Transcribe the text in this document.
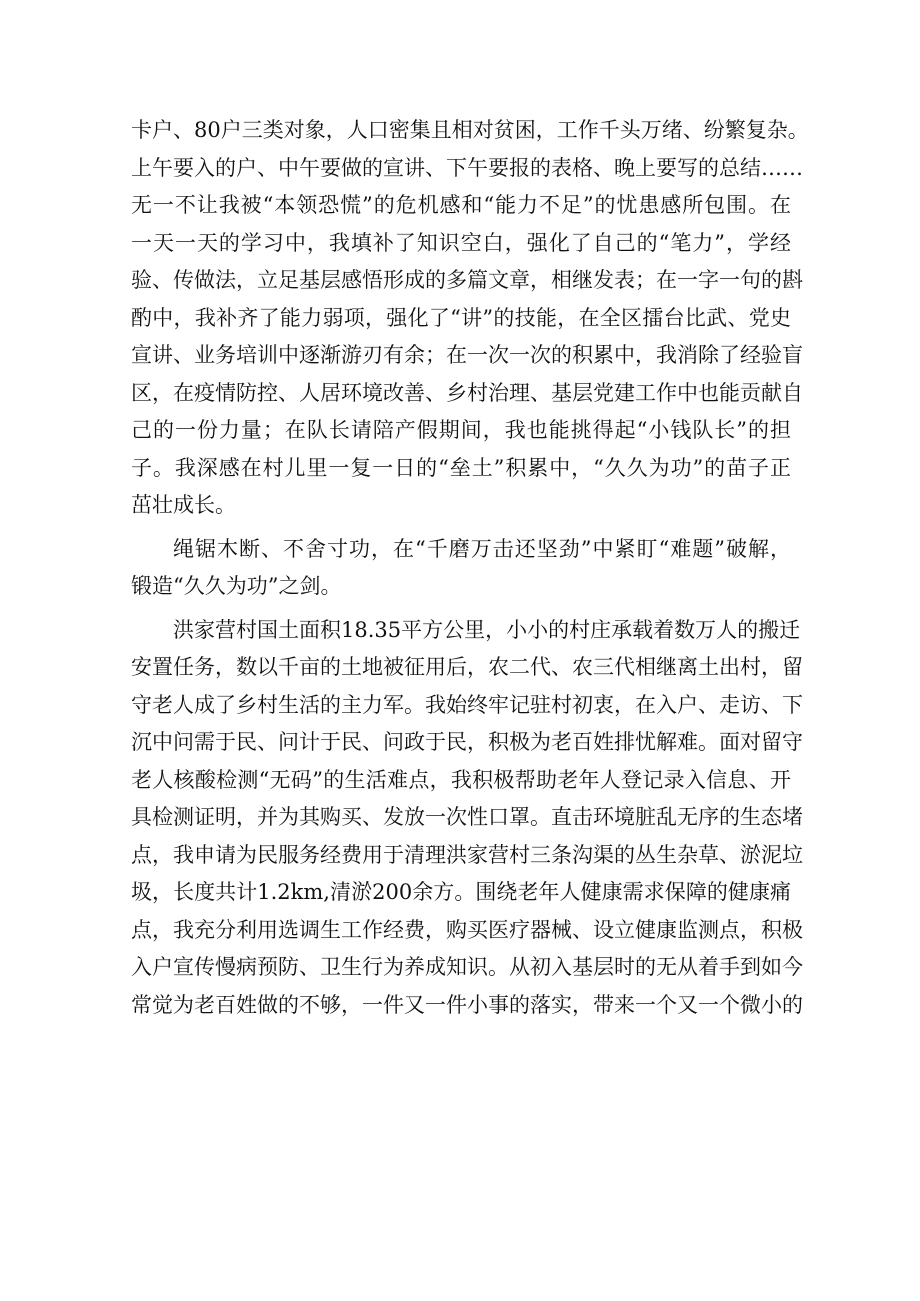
卡户、80户三类对象，人口密集且相对贫困，工作千头万绪、纷繁复杂。
上午要入的户、中午要做的宣讲、下午要报的表格、晚上要写的总结……
无一不让我被“本领恐慌”的危机感和“能力不足”的忧患感所包围。在
一天一天的学习中，我填补了知识空白，强化了自己的“笔力”，学经
验、传做法，立足基层感悟形成的多篇文章，相继发表；在一字一句的斟
酌中，我补齐了能力弱项，强化了“讲”的技能，在全区擂台比武、党史
宣讲、业务培训中逐渐游刃有余；在一次一次的积累中，我消除了经验盲
区，在疫情防控、人居环境改善、乡村治理、基层党建工作中也能贡献自
己的一份力量；在队长请陪产假期间，我也能挑得起“小钱队长”的担
子。我深感在村儿里一复一日的“垒土”积累中，“久久为功”的苗子正
茁壮成长。
绳锯木断、不舍寸功，在“千磨万击还坚劲”中紧盯“难题”破解，
锻造“久久为功”之剑。
洪家营村国土面积18.35平方公里，小小的村庄承载着数万人的搬迁
安置任务，数以千亩的土地被征用后，农二代、农三代相继离土出村，留
守老人成了乡村生活的主力军。我始终牢记驻村初衷，在入户、走访、下
沉中问需于民、问计于民、问政于民，积极为老百姓排忧解难。面对留守
老人核酸检测“无码”的生活难点，我积极帮助老年人登记录入信息、开
具检测证明，并为其购买、发放一次性口罩。直击环境脏乱无序的生态堵
点，我申请为民服务经费用于清理洪家营村三条沟渠的丛生杂草、淤泥垃
圾，长度共计1.2km,清淤200余方。围绕老年人健康需求保障的健康痛
点，我充分利用选调生工作经费，购买医疗器械、设立健康监测点，积极
入户宣传慢病预防、卫生行为养成知识。从初入基层时的无从着手到如今
常觉为老百姓做的不够，一件又一件小事的落实，带来一个又一个微小的
